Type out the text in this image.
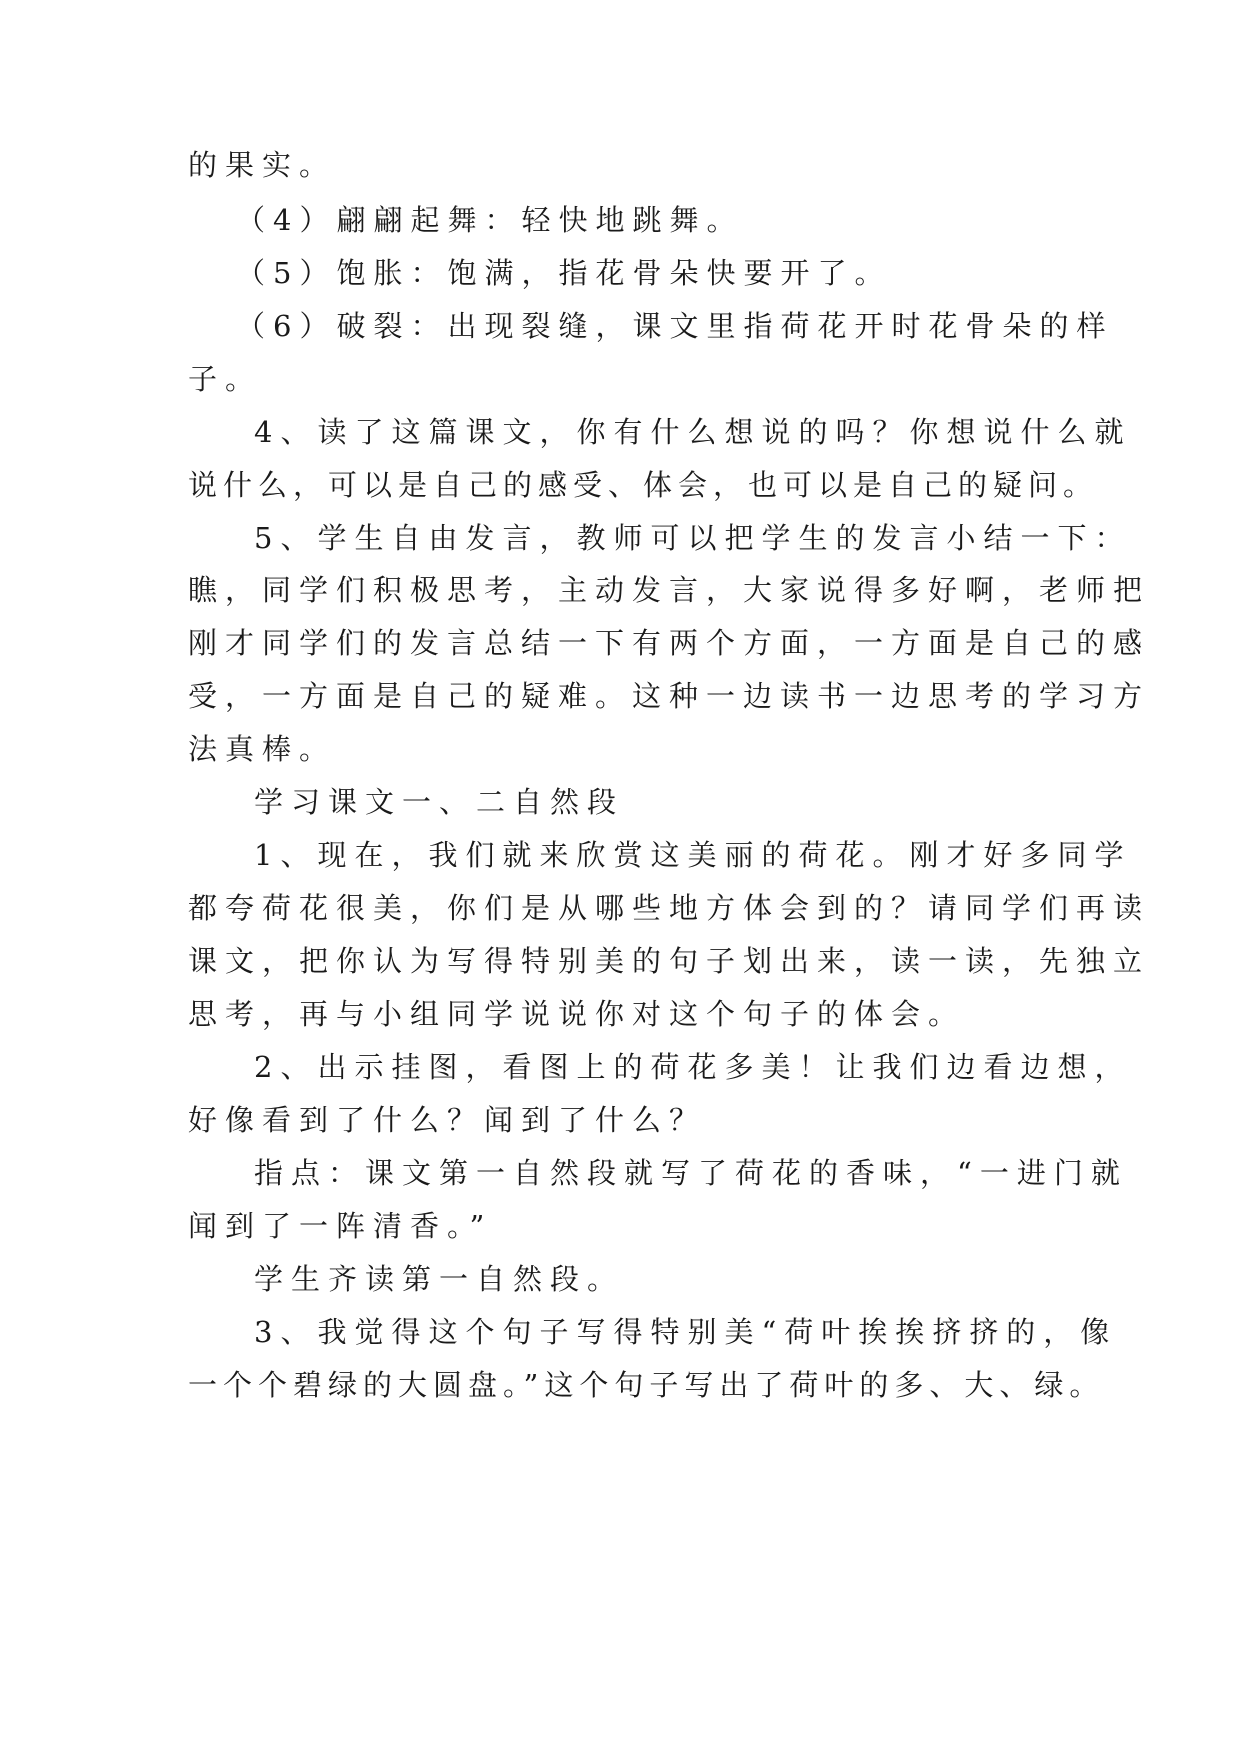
的果实。

（4）翩翩起舞：轻快地跳舞。

（5）饱胀：饱满，指花骨朵快要开了。

（6）破裂：出现裂缝，课文里指荷花开时花骨朵的样

子。

4、读了这篇课文，你有什么想说的吗？你想说什么就

说什么，可以是自己的感受、体会，也可以是自己的疑问。

5、学生自由发言，教师可以把学生的发言小结一下：

瞧，同学们积极思考，主动发言，大家说得多好啊，老师把

刚才同学们的发言总结一下有两个方面，一方面是自己的感

受，一方面是自己的疑难。这种一边读书一边思考的学习方

法真棒。

学习课文一、二自然段

1、现在，我们就来欣赏这美丽的荷花。刚才好多同学

都夸荷花很美，你们是从哪些地方体会到的？请同学们再读

课文，把你认为写得特别美的句子划出来，读一读，先独立

思考，再与小组同学说说你对这个句子的体会。

2、出示挂图，看图上的荷花多美！让我们边看边想，

好像看到了什么？闻到了什么？

指点：课文第一自然段就写了荷花的香味，“一进门就

闻到了一阵清香。”

学生齐读第一自然段。

3、我觉得这个句子写得特别美“荷叶挨挨挤挤的，像

一个个碧绿的大圆盘。”这个句子写出了荷叶的多、大、绿。
